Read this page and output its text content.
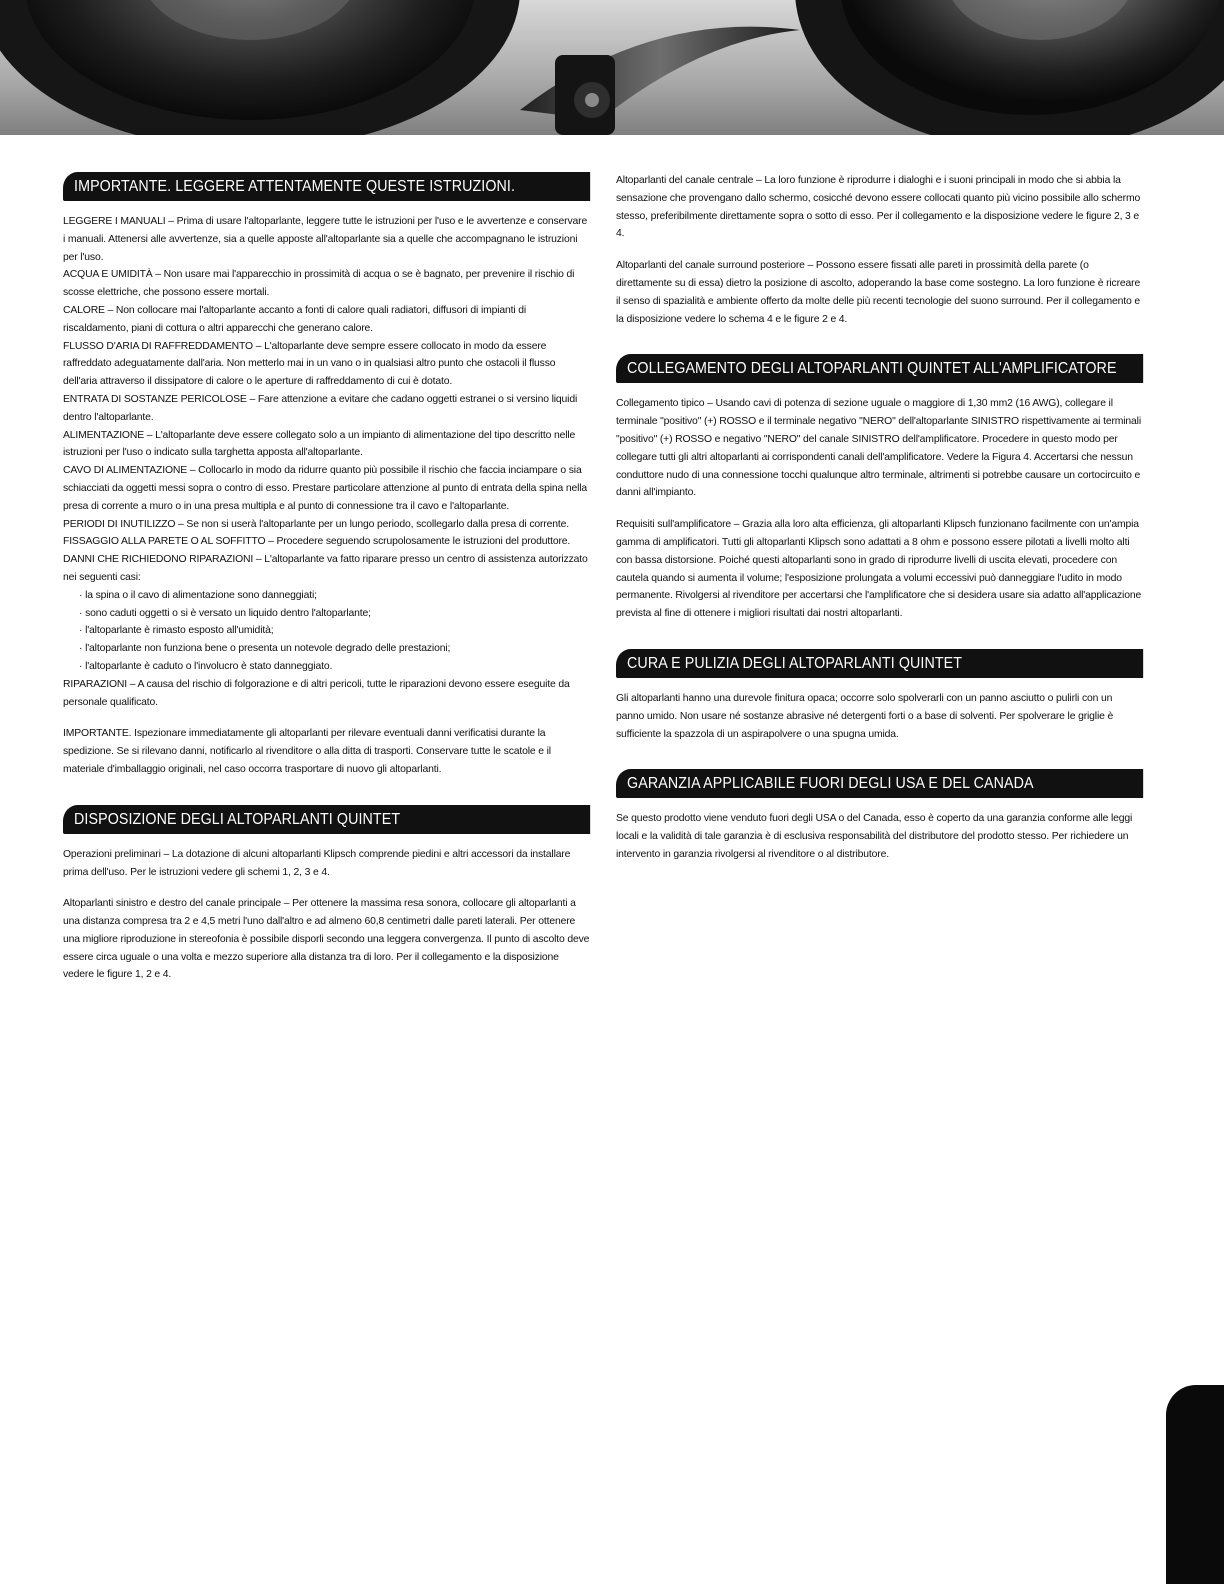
IMPORTANTE. LEGGERE ATTENTAMENTE QUESTE ISTRUZIONI.

LEGGERE I MANUALI – Prima di usare l'altoparlante, leggere tutte le istruzioni per l'uso e le avvertenze e conservare i manuali. Attenersi alle avvertenze, sia a quelle apposte all'altoparlante sia a quelle che accompagnano le istruzioni per l'uso.

ACQUA E UMIDITÀ – Non usare mai l'apparecchio in prossimità di acqua o se è bagnato, per prevenire il rischio di scosse elettriche, che possono essere mortali.

CALORE – Non collocare mai l'altoparlante accanto a fonti di calore quali radiatori, diffusori di impianti di riscaldamento, piani di cottura o altri apparecchi che generano calore.

FLUSSO D'ARIA DI RAFFREDDAMENTO – L'altoparlante deve sempre essere collocato in modo da essere raffreddato adeguatamente dall'aria. Non metterlo mai in un vano o in qualsiasi altro punto che ostacoli il flusso dell'aria attraverso il dissipatore di calore o le aperture di raffreddamento di cui è dotato.

ENTRATA DI SOSTANZE PERICOLOSE – Fare attenzione a evitare che cadano oggetti estranei o si versino liquidi dentro l'altoparlante.

ALIMENTAZIONE – L'altoparlante deve essere collegato solo a un impianto di alimentazione del tipo descritto nelle istruzioni per l'uso o indicato sulla targhetta apposta all'altoparlante.

CAVO DI ALIMENTAZIONE – Collocarlo in modo da ridurre quanto più possibile il rischio che faccia inciampare o sia schiacciati da oggetti messi sopra o contro di esso. Prestare particolare attenzione al punto di entrata della spina nella presa di corrente a muro o in una presa multipla e al punto di connessione tra il cavo e l'altoparlante.

PERIODI DI INUTILIZZO – Se non si userà l'altoparlante per un lungo periodo, scollegarlo dalla presa di corrente.

FISSAGGIO ALLA PARETE O AL SOFFITTO – Procedere seguendo scrupolosamente le istruzioni del produttore.

DANNI CHE RICHIEDONO RIPARAZIONI – L'altoparlante va fatto riparare presso un centro di assistenza autorizzato nei seguenti casi:

· la spina o il cavo di alimentazione sono danneggiati;
· sono caduti oggetti o si è versato un liquido dentro l'altoparlante;
· l'altoparlante è rimasto esposto all'umidità;
· l'altoparlante non funziona bene o presenta un notevole degrado delle prestazioni;
· l'altoparlante è caduto o l'involucro è stato danneggiato.

RIPARAZIONI – A causa del rischio di folgorazione e di altri pericoli, tutte le riparazioni devono essere eseguite da personale qualificato.

IMPORTANTE. Ispezionare immediatamente gli altoparlanti per rilevare eventuali danni verificatisi durante la spedizione. Se si rilevano danni, notificarlo al rivenditore o alla ditta di trasporti. Conservare tutte le scatole e il materiale d'imballaggio originali, nel caso occorra trasportare di nuovo gli altoparlanti.

DISPOSIZIONE DEGLI ALTOPARLANTI QUINTET

Operazioni preliminari – La dotazione di alcuni altoparlanti Klipsch comprende piedini e altri accessori da installare prima dell'uso. Per le istruzioni vedere gli schemi 1, 2, 3 e 4.

Altoparlanti sinistro e destro del canale principale – Per ottenere la massima resa sonora, collocare gli altoparlanti a una distanza compresa tra 2 e 4,5 metri l'uno dall'altro e ad almeno 60,8 centimetri dalle pareti laterali. Per ottenere una migliore riproduzione in stereofonia è possibile disporli secondo una leggera convergenza. Il punto di ascolto deve essere circa uguale o una volta e mezzo superiore alla distanza tra di loro. Per il collegamento e la disposizione vedere le figure 1, 2 e 4.

Altoparlanti del canale centrale – La loro funzione è riprodurre i dialoghi e i suoni principali in modo che si abbia la sensazione che provengano dallo schermo, cosicché devono essere collocati quanto più vicino possibile allo schermo stesso, preferibilmente direttamente sopra o sotto di esso. Per il collegamento e la disposizione vedere le figure 2, 3 e 4.

Altoparlanti del canale surround posteriore – Possono essere fissati alle pareti in prossimità della parete (o direttamente su di essa) dietro la posizione di ascolto, adoperando la base come sostegno. La loro funzione è ricreare il senso di spazialità e ambiente offerto da molte delle più recenti tecnologie del suono surround. Per il collegamento e la disposizione vedere lo schema 4 e le figure 2 e 4.

COLLEGAMENTO DEGLI ALTOPARLANTI QUINTET ALL'AMPLIFICATORE

Collegamento tipico – Usando cavi di potenza di sezione uguale o maggiore di 1,30 mm2 (16 AWG), collegare il terminale "positivo" (+) ROSSO e il terminale negativo "NERO" dell'altoparlante SINISTRO rispettivamente ai terminali "positivo" (+) ROSSO e negativo "NERO" del canale SINISTRO dell'amplificatore. Procedere in questo modo per collegare tutti gli altri altoparlanti ai corrispondenti canali dell'amplificatore. Vedere la Figura 4. Accertarsi che nessun conduttore nudo di una connessione tocchi qualunque altro terminale, altrimenti si potrebbe causare un cortocircuito e danni all'impianto.

Requisiti sull'amplificatore – Grazia alla loro alta efficienza, gli altoparlanti Klipsch funzionano facilmente con un'ampia gamma di amplificatori. Tutti gli altoparlanti Klipsch sono adattati a 8 ohm e possono essere pilotati a livelli molto alti con bassa distorsione. Poiché questi altoparlanti sono in grado di riprodurre livelli di uscita elevati, procedere con cautela quando si aumenta il volume; l'esposizione prolungata a volumi eccessivi può danneggiare l'udito in modo permanente. Rivolgersi al rivenditore per accertarsi che l'amplificatore che si desidera usare sia adatto all'applicazione prevista al fine di ottenere i migliori risultati dai nostri altoparlanti.

CURA E PULIZIA DEGLI ALTOPARLANTI QUINTET

Gli altoparlanti hanno una durevole finitura opaca; occorre solo spolverarli con un panno asciutto o pulirli con un panno umido. Non usare né sostanze abrasive né detergenti forti o a base di solventi. Per spolverare le griglie è sufficiente la spazzola di un aspirapolvere o una spugna umida.

GARANZIA APPLICABILE FUORI DEGLI USA E DEL CANADA

Se questo prodotto viene venduto fuori degli USA o del Canada, esso è coperto da una garanzia conforme alle leggi locali e la validità di tale garanzia è di esclusiva responsabilità del distributore del prodotto stesso. Per richiedere un intervento in garanzia rivolgersi al rivenditore o al distributore.
